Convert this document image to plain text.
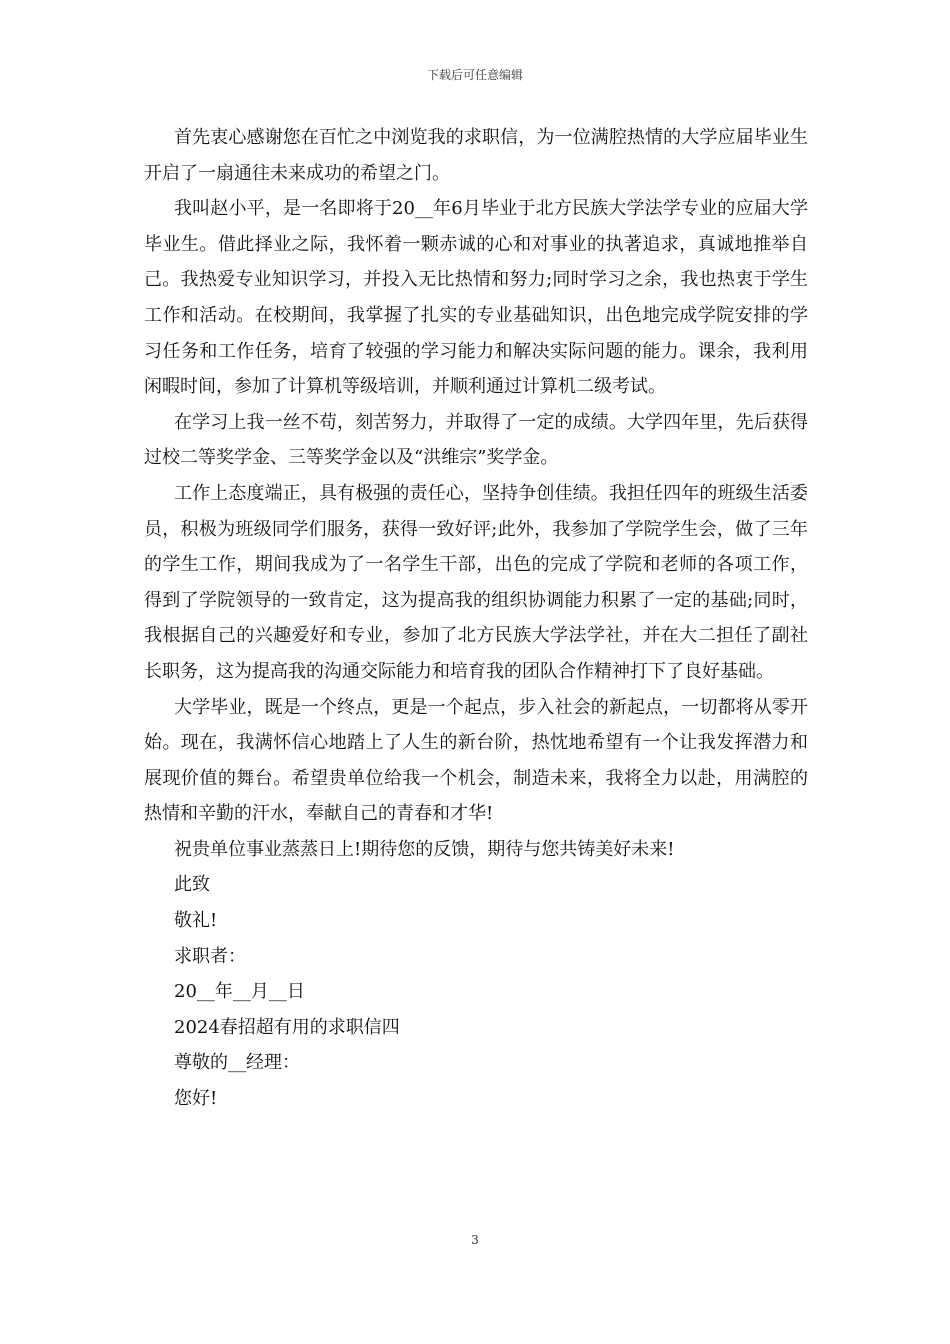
下载后可任意编辑

首先衷心感谢您在百忙之中浏览我的求职信，为一位满腔热情的大学应届毕业生开启了一扇通往未来成功的希望之门。

我叫赵小平，是一名即将于20__年6月毕业于北方民族大学法学专业的应届大学毕业生。借此择业之际，我怀着一颗赤诚的心和对事业的执著追求，真诚地推举自己。我热爱专业知识学习，并投入无比热情和努力;同时学习之余，我也热衷于学生工作和活动。在校期间，我掌握了扎实的专业基础知识，出色地完成学院安排的学习任务和工作任务，培育了较强的学习能力和解决实际问题的能力。课余，我利用闲暇时间，参加了计算机等级培训，并顺利通过计算机二级考试。

在学习上我一丝不苟，刻苦努力，并取得了一定的成绩。大学四年里，先后获得过校二等奖学金、三等奖学金以及“洪维宗”奖学金。

工作上态度端正，具有极强的责任心，坚持争创佳绩。我担任四年的班级生活委员，积极为班级同学们服务，获得一致好评;此外，我参加了学院学生会，做了三年的学生工作，期间我成为了一名学生干部，出色的完成了学院和老师的各项工作，得到了学院领导的一致肯定，这为提高我的组织协调能力积累了一定的基础;同时，我根据自己的兴趣爱好和专业，参加了北方民族大学法学社，并在大二担任了副社长职务，这为提高我的沟通交际能力和培育我的团队合作精神打下了良好基础。

大学毕业，既是一个终点，更是一个起点，步入社会的新起点，一切都将从零开始。现在，我满怀信心地踏上了人生的新台阶，热忱地希望有一个让我发挥潜力和展现价值的舞台。希望贵单位给我一个机会，制造未来，我将全力以赴，用满腔的热情和辛勤的汗水，奉献自己的青春和才华!

祝贵单位事业蒸蒸日上!期待您的反馈，期待与您共铸美好未来!

此致

敬礼!

求职者：

20__年__月__日

2024春招超有用的求职信四

尊敬的__经理：

您好!

3
